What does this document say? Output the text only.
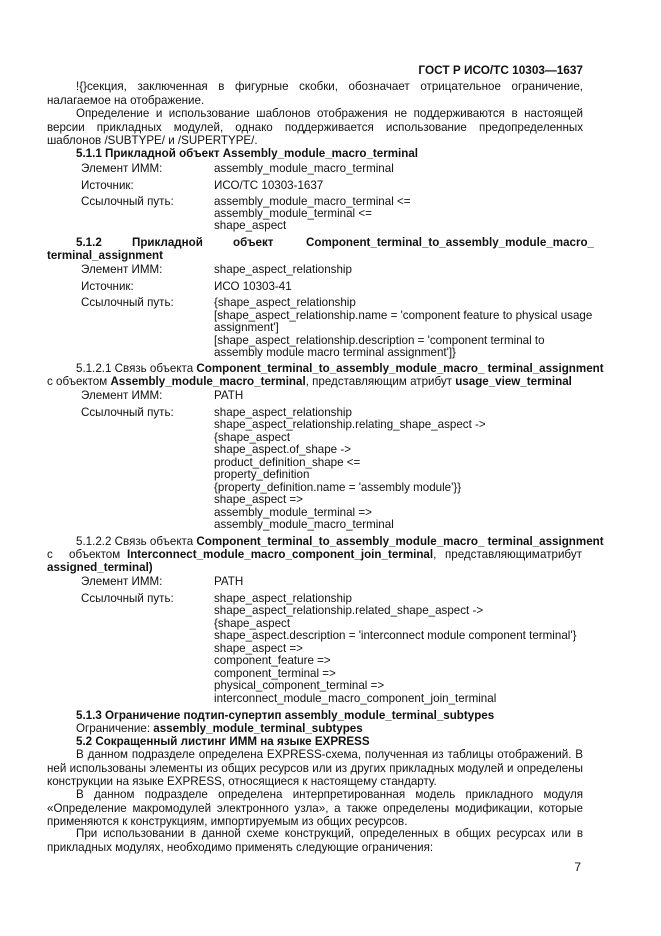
ГОСТ Р ИСО/ТС 10303—1637
!{}секция, заключенная в фигурные скобки, обозначает отрицательное ограничение, налагаемое на отображение.
Определение и использование шаблонов отображения не поддерживаются в настоящей версии прикладных модулей, однако поддерживается использование предопределенных шаблонов /SUBTYPE/ и /SUPERTYPE/.
5.1.1 Прикладной объект Assembly_module_macro_terminal
Элемент ИММ:	assembly_module_macro_terminal
Источник:	ИСО/ТС 10303-1637
Ссылочный путь:	assembly_module_macro_terminal <=
assembly_module_terminal <=
shape_aspect
5.1.2	Прикладной	объект	Component_terminal_to_assembly_module_macro_
terminal_assignment
Элемент ИММ:	shape_aspect_relationship
Источник:	ИСО 10303-41
Ссылочный путь:	{shape_aspect_relationship
[shape_aspect_relationship.name = 'component feature to physical usage
assignment']
[shape_aspect_relationship.description = 'component terminal to
assembly module macro terminal assignment']}
5.1.2.1 Связь объекта Component_terminal_to_assembly_module_macro_ terminal_assignment
с объектом Assembly_module_macro_terminal, представляющим атрибут usage_view_terminal
Элемент ИММ:	PATH
Ссылочный путь:	shape_aspect_relationship
shape_aspect_relationship.relating_shape_aspect ->
{shape_aspect
shape_aspect.of_shape ->
product_definition_shape <=
property_definition
{property_definition.name = 'assembly module'}}
shape_aspect =>
assembly_module_terminal =>
assembly_module_macro_terminal
5.1.2.2 Связь объекта Component_terminal_to_assembly_module_macro_ terminal_assignment
с объектом Interconnect_module_macro_component_join_ terminal, представляющим атрибут
assigned_terminal)
Элемент ИММ:	PATH
Ссылочный путь:	shape_aspect_relationship
shape_aspect_relationship.related_shape_aspect ->
{shape_aspect
shape_aspect.description = 'interconnect module component terminal'}
shape_aspect =>
component_feature =>
component_terminal =>
physical_component_terminal =>
interconnect_module_macro_component_join_terminal
5.1.3 Ограничение подтип-супертип assembly_module_terminal_subtypes
Ограничение: assembly_module_terminal_subtypes
5.2 Сокращенный листинг ИММ на языке EXPRESS
В данном подразделе определена EXPRESS-схема, полученная из таблицы отображений. В ней использованы элементы из общих ресурсов или из других прикладных модулей и определены конструкции на языке EXPRESS, относящиеся к настоящему стандарту.
В данном подразделе определена интерпретированная модель прикладного модуля «Определение макромодулей электронного узла», а также определены модификации, которые применяются к конструкциям, импортируемым из общих ресурсов.
При использовании в данной схеме конструкций, определенных в общих ресурсах или в прикладных модулях, необходимо применять следующие ограничения:
7
